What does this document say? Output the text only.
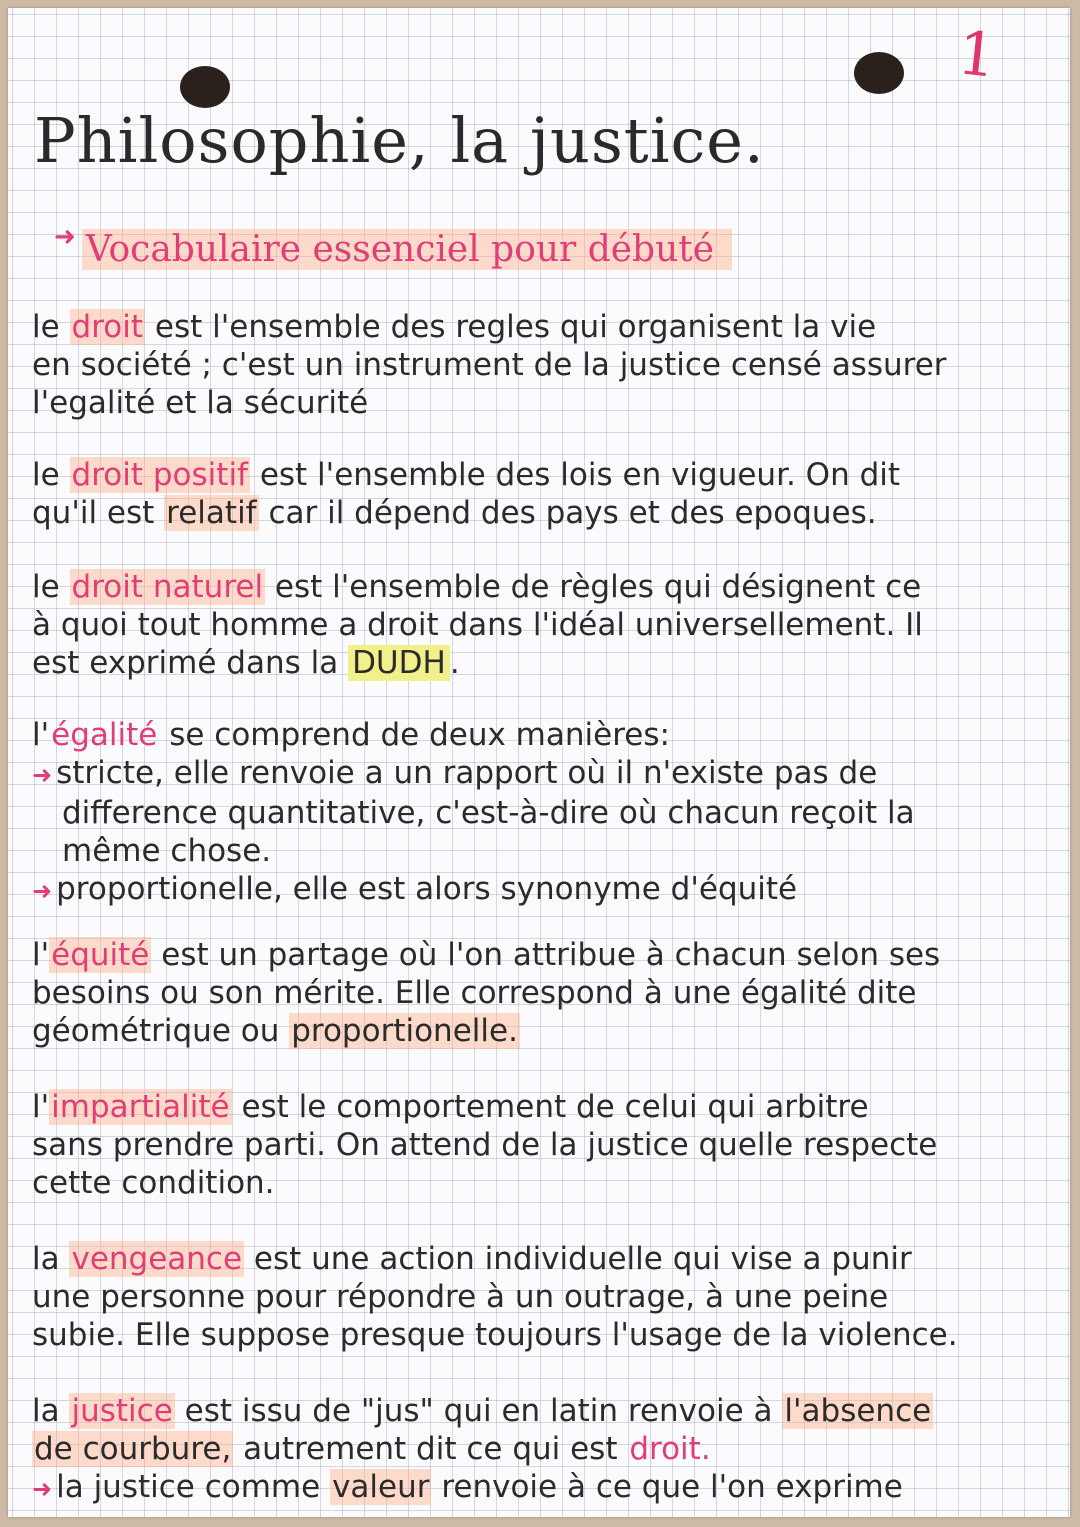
1
Philosophie, la justice.
➜ Vocabulaire essenciel pour débuté
le droit est l'ensemble des regles qui organisent la vie
en société ; c'est un instrument de la justice censé assurer
l'egalité et la sécurité
le droit positif est l'ensemble des lois en vigueur. On dit
qu'il est relatif car il dépend des pays et des epoques.
le droit naturel est l'ensemble de règles qui désignent ce
à quoi tout homme a droit dans l'idéal universellement. Il
est exprimé dans la DUDH .
l'égalité se comprend de deux manières:
➜ stricte, elle renvoie a un rapport où il n'existe pas de
difference quantitative, c'est-à-dire où chacun reçoit la
même chose.
➜ proportionelle, elle est alors synonyme d'équité
l'équité est un partage où l'on attribue à chacun selon ses
besoins ou son mérite. Elle correspond à une égalité dite
géométrique ou proportionelle.
l'impartialité est le comportement de celui qui arbitre
sans prendre parti. On attend de la justice quelle respecte
cette condition.
la vengeance est une action individuelle qui vise a punir
une personne pour répondre à un outrage, à une peine
subie. Elle suppose presque toujours l'usage de la violence.
la justice est issu de "jus" qui en latin renvoie à l'absence
de courbure, autrement dit ce qui est droit.
➜ la justice comme valeur renvoie à ce que l'on exprime
